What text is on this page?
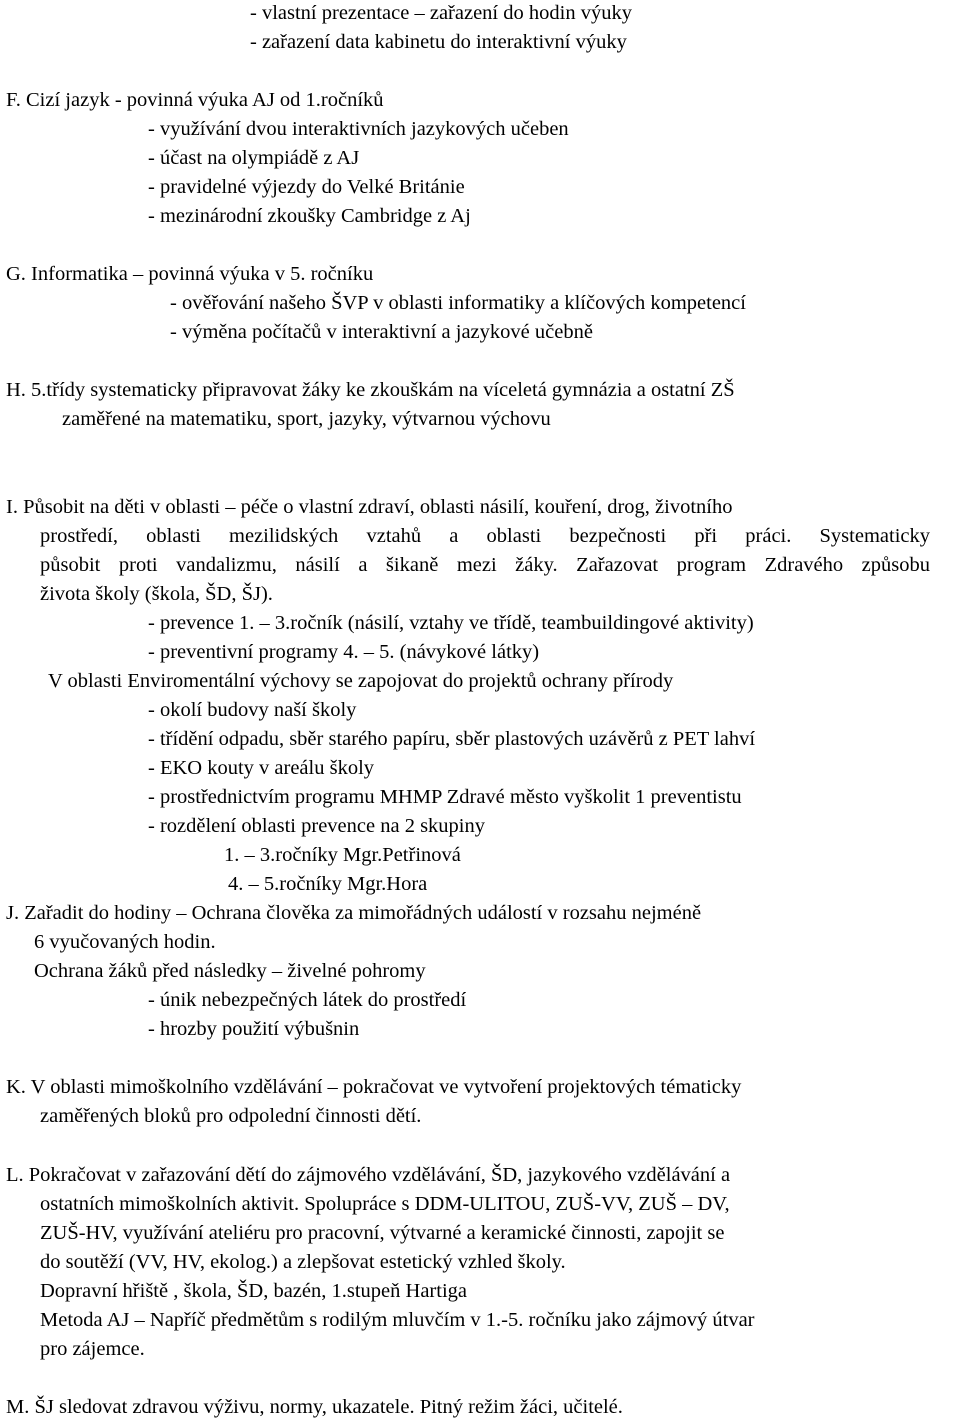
- vlastní prezentace – zařazení do hodin výuky
- zařazení data kabinetu do interaktivní výuky
F. Cizí jazyk - povinná výuka AJ od 1.ročníků
- využívání dvou interaktivních jazykových učeben
- účast na olympiádě z AJ
- pravidelné výjezdy do Velké Británie
- mezinárodní zkoušky Cambridge z Aj
G. Informatika – povinná výuka v 5. ročníku
- ověřování našeho ŠVP v oblasti informatiky a klíčových kompetencí
- výměna počítačů v interaktivní a jazykové učebně
H. 5.třídy systematicky připravovat žáky ke zkouškám na víceletá gymnázia a ostatní ZŠ
zaměřené na matematiku, sport, jazyky, výtvarnou výchovu
I. Působit na děti v oblasti – péče o vlastní zdraví, oblasti násilí, kouření, drog, životního
prostředí, oblasti mezilidských vztahů a oblasti bezpečnosti při práci. Systematicky
působit proti vandalizmu, násilí a šikaně mezi žáky. Zařazovat program Zdravého způsobu
života školy (škola, ŠD, ŠJ).
- prevence 1. – 3.ročník (násilí, vztahy ve třídě, teambuildingové aktivity)
- preventivní programy 4. – 5. (návykové látky)
V oblasti Enviromentální výchovy se zapojovat do projektů ochrany přírody
- okolí budovy naší školy
- třídění odpadu, sběr starého papíru, sběr plastových uzávěrů z PET lahví
- EKO kouty v areálu školy
- prostřednictvím programu MHMP Zdravé město vyškolit 1 preventistu
- rozdělení oblasti prevence na 2 skupiny
1. – 3.ročníky Mgr.Petřinová
4. – 5.ročníky Mgr.Hora
J. Zařadit do hodiny – Ochrana člověka za mimořádných událostí v rozsahu nejméně
6 vyučovaných hodin.
Ochrana žáků před následky – živelné pohromy
- únik nebezpečných látek do prostředí
- hrozby použití výbušnin
K. V oblasti mimoškolního vzdělávání – pokračovat ve vytvoření projektových tématicky
zaměřených bloků pro odpolední činnosti dětí.
L. Pokračovat v zařazování dětí do zájmového vzdělávání, ŠD, jazykového vzdělávání a
ostatních mimoškolních aktivit. Spolupráce s DDM-ULITOU, ZUŠ-VV, ZUŠ – DV,
ZUŠ-HV, využívání ateliéru pro pracovní, výtvarné a keramické činnosti, zapojit se
do soutěží (VV, HV, ekolog.) a zlepšovat estetický vzhled školy.
Dopravní hřiště , škola, ŠD, bazén, 1.stupeň Hartiga
Metoda AJ – Napříč předmětům s rodilým mluvčím v 1.-5. ročníku jako zájmový útvar
pro zájemce.
M. ŠJ sledovat zdravou výživu, normy, ukazatele. Pitný režim žáci, učitelé.
